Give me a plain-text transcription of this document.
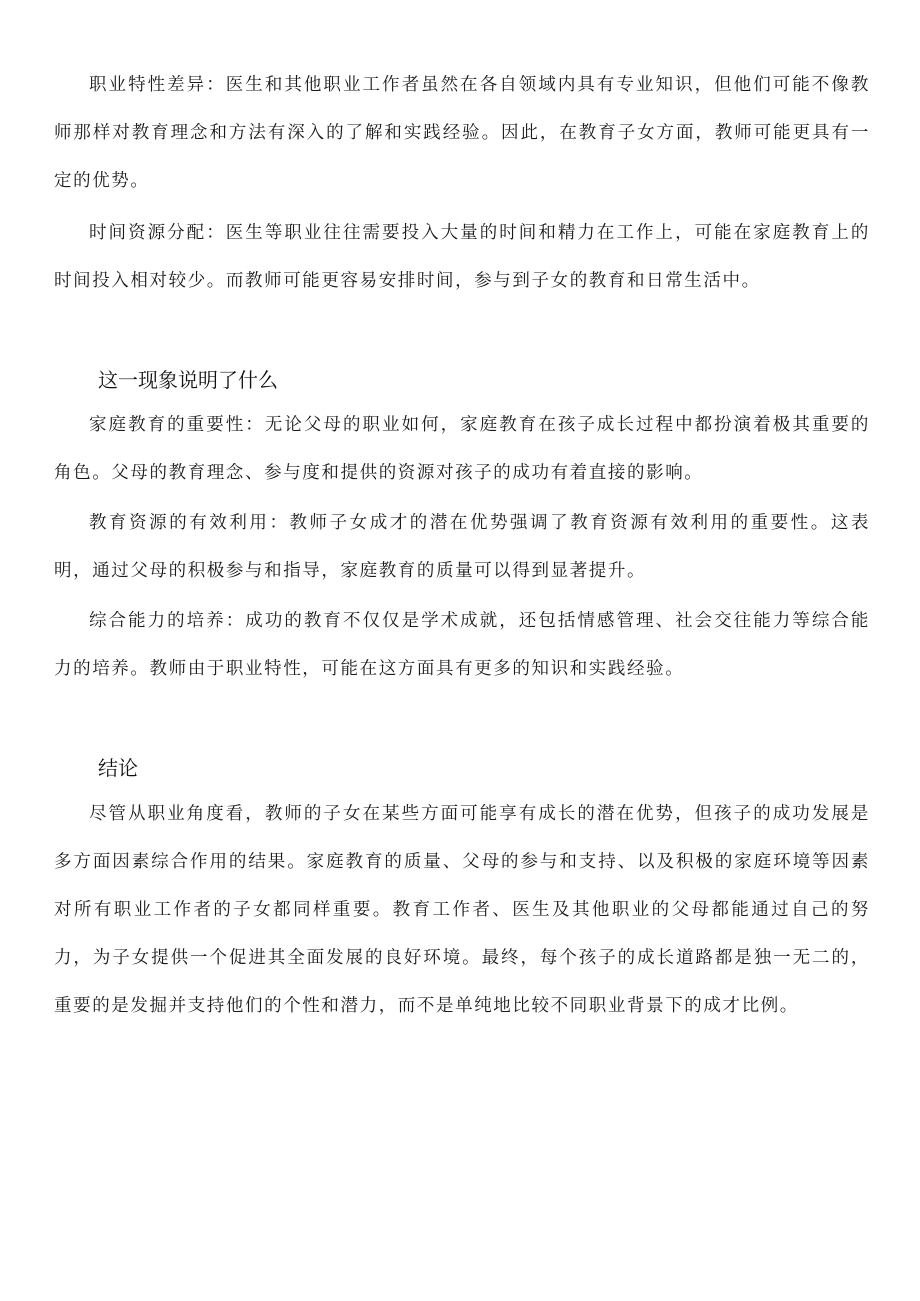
职业特性差异：医生和其他职业工作者虽然在各自领域内具有专业知识，但他们可能不像教师那样对教育理念和方法有深入的了解和实践经验。因此，在教育子女方面，教师可能更具有一定的优势。

时间资源分配：医生等职业往往需要投入大量的时间和精力在工作上，可能在家庭教育上的时间投入相对较少。而教师可能更容易安排时间，参与到子女的教育和日常生活中。

这一现象说明了什么

家庭教育的重要性：无论父母的职业如何，家庭教育在孩子成长过程中都扮演着极其重要的角色。父母的教育理念、参与度和提供的资源对孩子的成功有着直接的影响。

教育资源的有效利用：教师子女成才的潜在优势强调了教育资源有效利用的重要性。这表明，通过父母的积极参与和指导，家庭教育的质量可以得到显著提升。

综合能力的培养：成功的教育不仅仅是学术成就，还包括情感管理、社会交往能力等综合能力的培养。教师由于职业特性，可能在这方面具有更多的知识和实践经验。

结论

尽管从职业角度看，教师的子女在某些方面可能享有成长的潜在优势，但孩子的成功发展是多方面因素综合作用的结果。家庭教育的质量、父母的参与和支持、以及积极的家庭环境等因素对所有职业工作者的子女都同样重要。教育工作者、医生及其他职业的父母都能通过自己的努力，为子女提供一个促进其全面发展的良好环境。最终，每个孩子的成长道路都是独一无二的，重要的是发掘并支持他们的个性和潜力，而不是单纯地比较不同职业背景下的成才比例。
